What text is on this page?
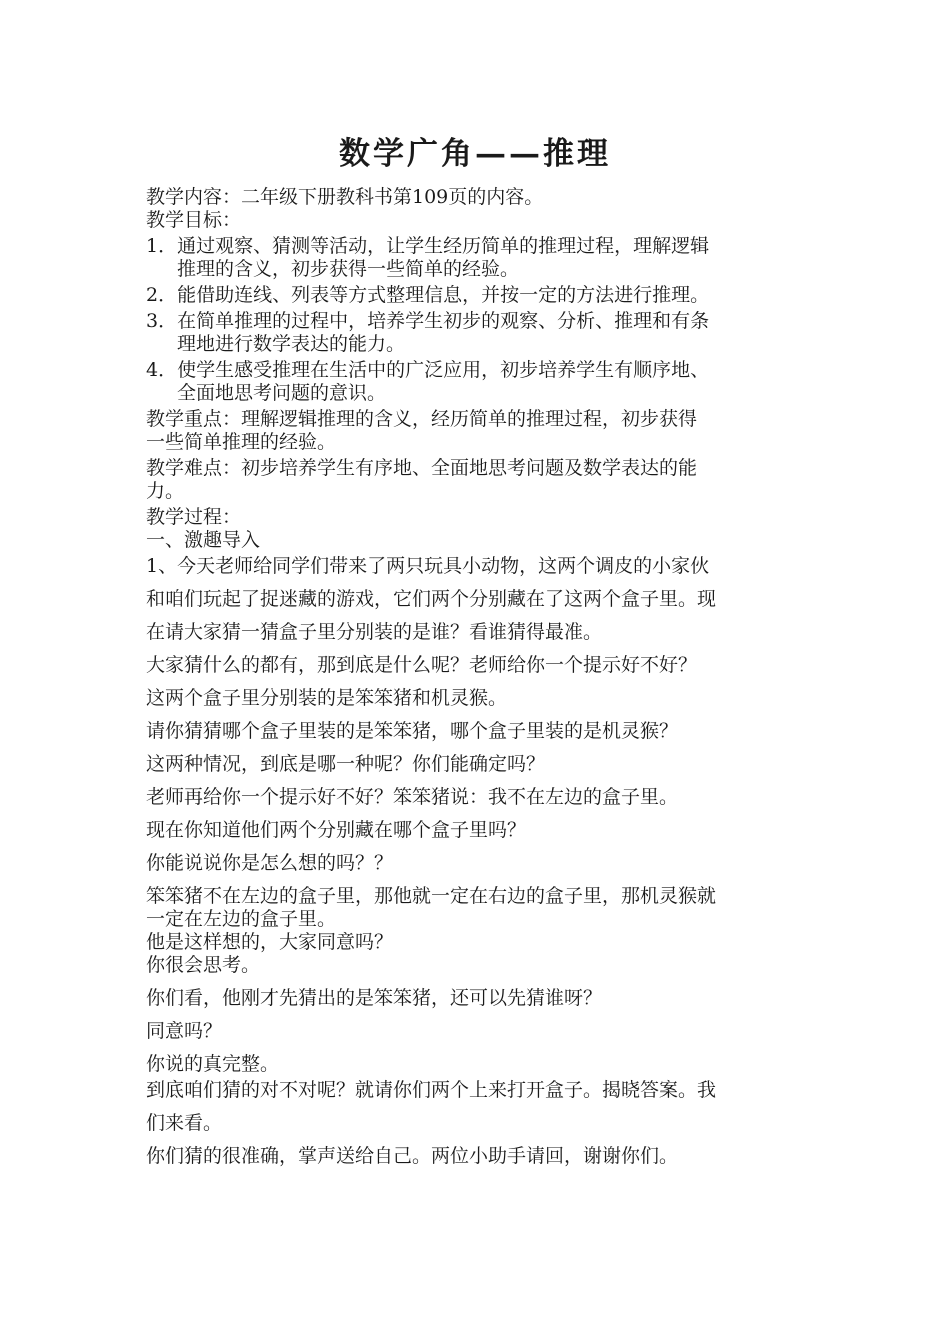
数学广角——推理
教学内容：二年级下册教科书第109页的内容。
教学目标：
1．通过观察、猜测等活动，让学生经历简单的推理过程，理解逻辑
推理的含义，初步获得一些简单的经验。
2．能借助连线、列表等方式整理信息，并按一定的方法进行推理。
3．在简单推理的过程中，培养学生初步的观察、分析、推理和有条
理地进行数学表达的能力。
4．使学生感受推理在生活中的广泛应用，初步培养学生有顺序地、
全面地思考问题的意识。
教学重点：理解逻辑推理的含义，经历简单的推理过程，初步获得
一些简单推理的经验。
教学难点：初步培养学生有序地、全面地思考问题及数学表达的能
力。
教学过程：
一、激趣导入
1、今天老师给同学们带来了两只玩具小动物，这两个调皮的小家伙
和咱们玩起了捉迷藏的游戏，它们两个分别藏在了这两个盒子里。现
在请大家猜一猜盒子里分别装的是谁？看谁猜得最准。
大家猜什么的都有，那到底是什么呢？老师给你一个提示好不好？
这两个盒子里分别装的是笨笨猪和机灵猴。
请你猜猜哪个盒子里装的是笨笨猪，哪个盒子里装的是机灵猴？
这两种情况，到底是哪一种呢？你们能确定吗？
老师再给你一个提示好不好？笨笨猪说：我不在左边的盒子里。
现在你知道他们两个分别藏在哪个盒子里吗？
你能说说你是怎么想的吗？？
笨笨猪不在左边的盒子里，那他就一定在右边的盒子里，那机灵猴就
一定在左边的盒子里。
他是这样想的，大家同意吗？
你很会思考。
你们看，他刚才先猜出的是笨笨猪，还可以先猜谁呀？
同意吗？
你说的真完整。
到底咱们猜的对不对呢？就请你们两个上来打开盒子。揭晓答案。我
们来看。
你们猜的很准确，掌声送给自己。两位小助手请回，谢谢你们。
